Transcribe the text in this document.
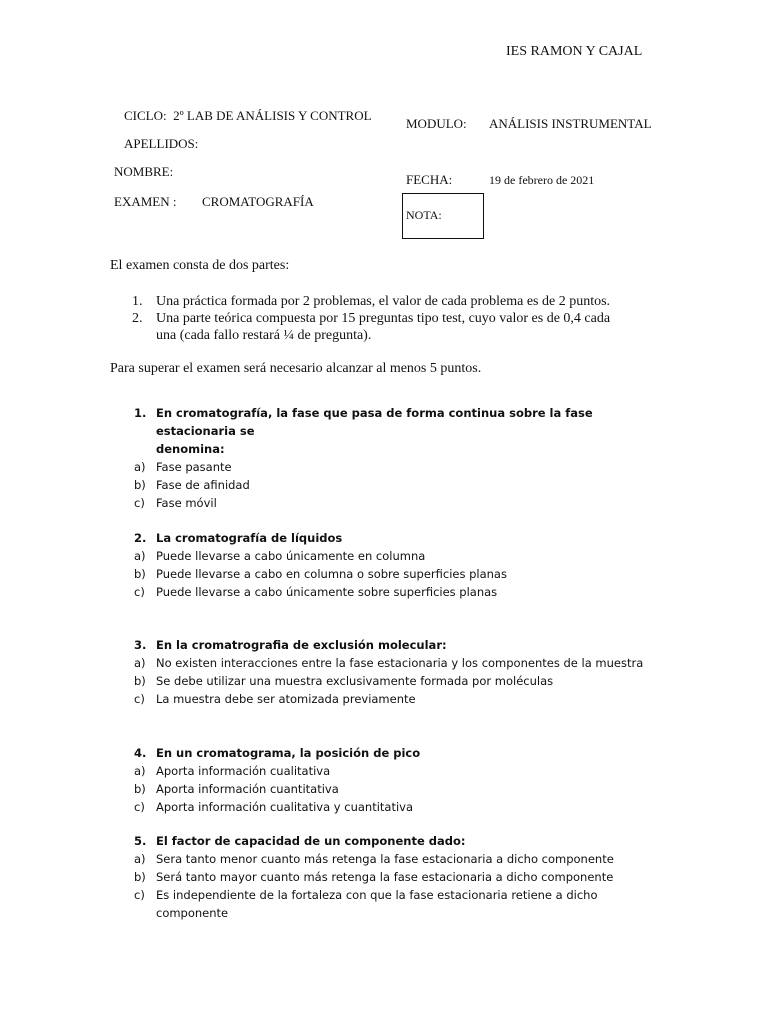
IES RAMON Y CAJAL
CICLO: 2º LAB DE ANÁLISIS Y CONTROL
APELLIDOS:
NOMBRE:
EXAMEN : CROMATOGRAFÍA
MODULO: ANÁLISIS INSTRUMENTAL
FECHA:	19 de febrero de 2021
NOTA:
El examen consta de dos partes:
1. Una práctica formada por 2 problemas, el valor de cada problema es de 2 puntos.
2. Una parte teórica compuesta por 15 preguntas tipo test, cuyo valor es de 0,4 cada
una (cada fallo restará ¼ de pregunta).
Para superar el examen será necesario alcanzar al menos 5 puntos.
1. En cromatografía, la fase que pasa de forma continua sobre la fase estacionaria se
denomina:
a) Fase pasante
b) Fase de afinidad
c) Fase móvil
2. La cromatografía de líquidos
a) Puede llevarse a cabo únicamente en columna
b) Puede llevarse a cabo en columna o sobre superficies planas
c) Puede llevarse a cabo únicamente sobre superficies planas
3. En la cromatrografia de exclusión molecular:
a) No existen interacciones entre la fase estacionaria y los componentes de la muestra
b) Se debe utilizar una muestra exclusivamente formada por moléculas
c) La muestra debe ser atomizada previamente
4. En un cromatograma, la posición de pico
a) Aporta información cualitativa
b) Aporta información cuantitativa
c) Aporta información cualitativa y cuantitativa
5. El factor de capacidad de un componente dado:
a) Sera tanto menor cuanto más retenga la fase estacionaria a dicho componente
b) Será tanto mayor cuanto más retenga la fase estacionaria a dicho componente
c) Es independiente de la fortaleza con que la fase estacionaria retiene a dicho
componente
